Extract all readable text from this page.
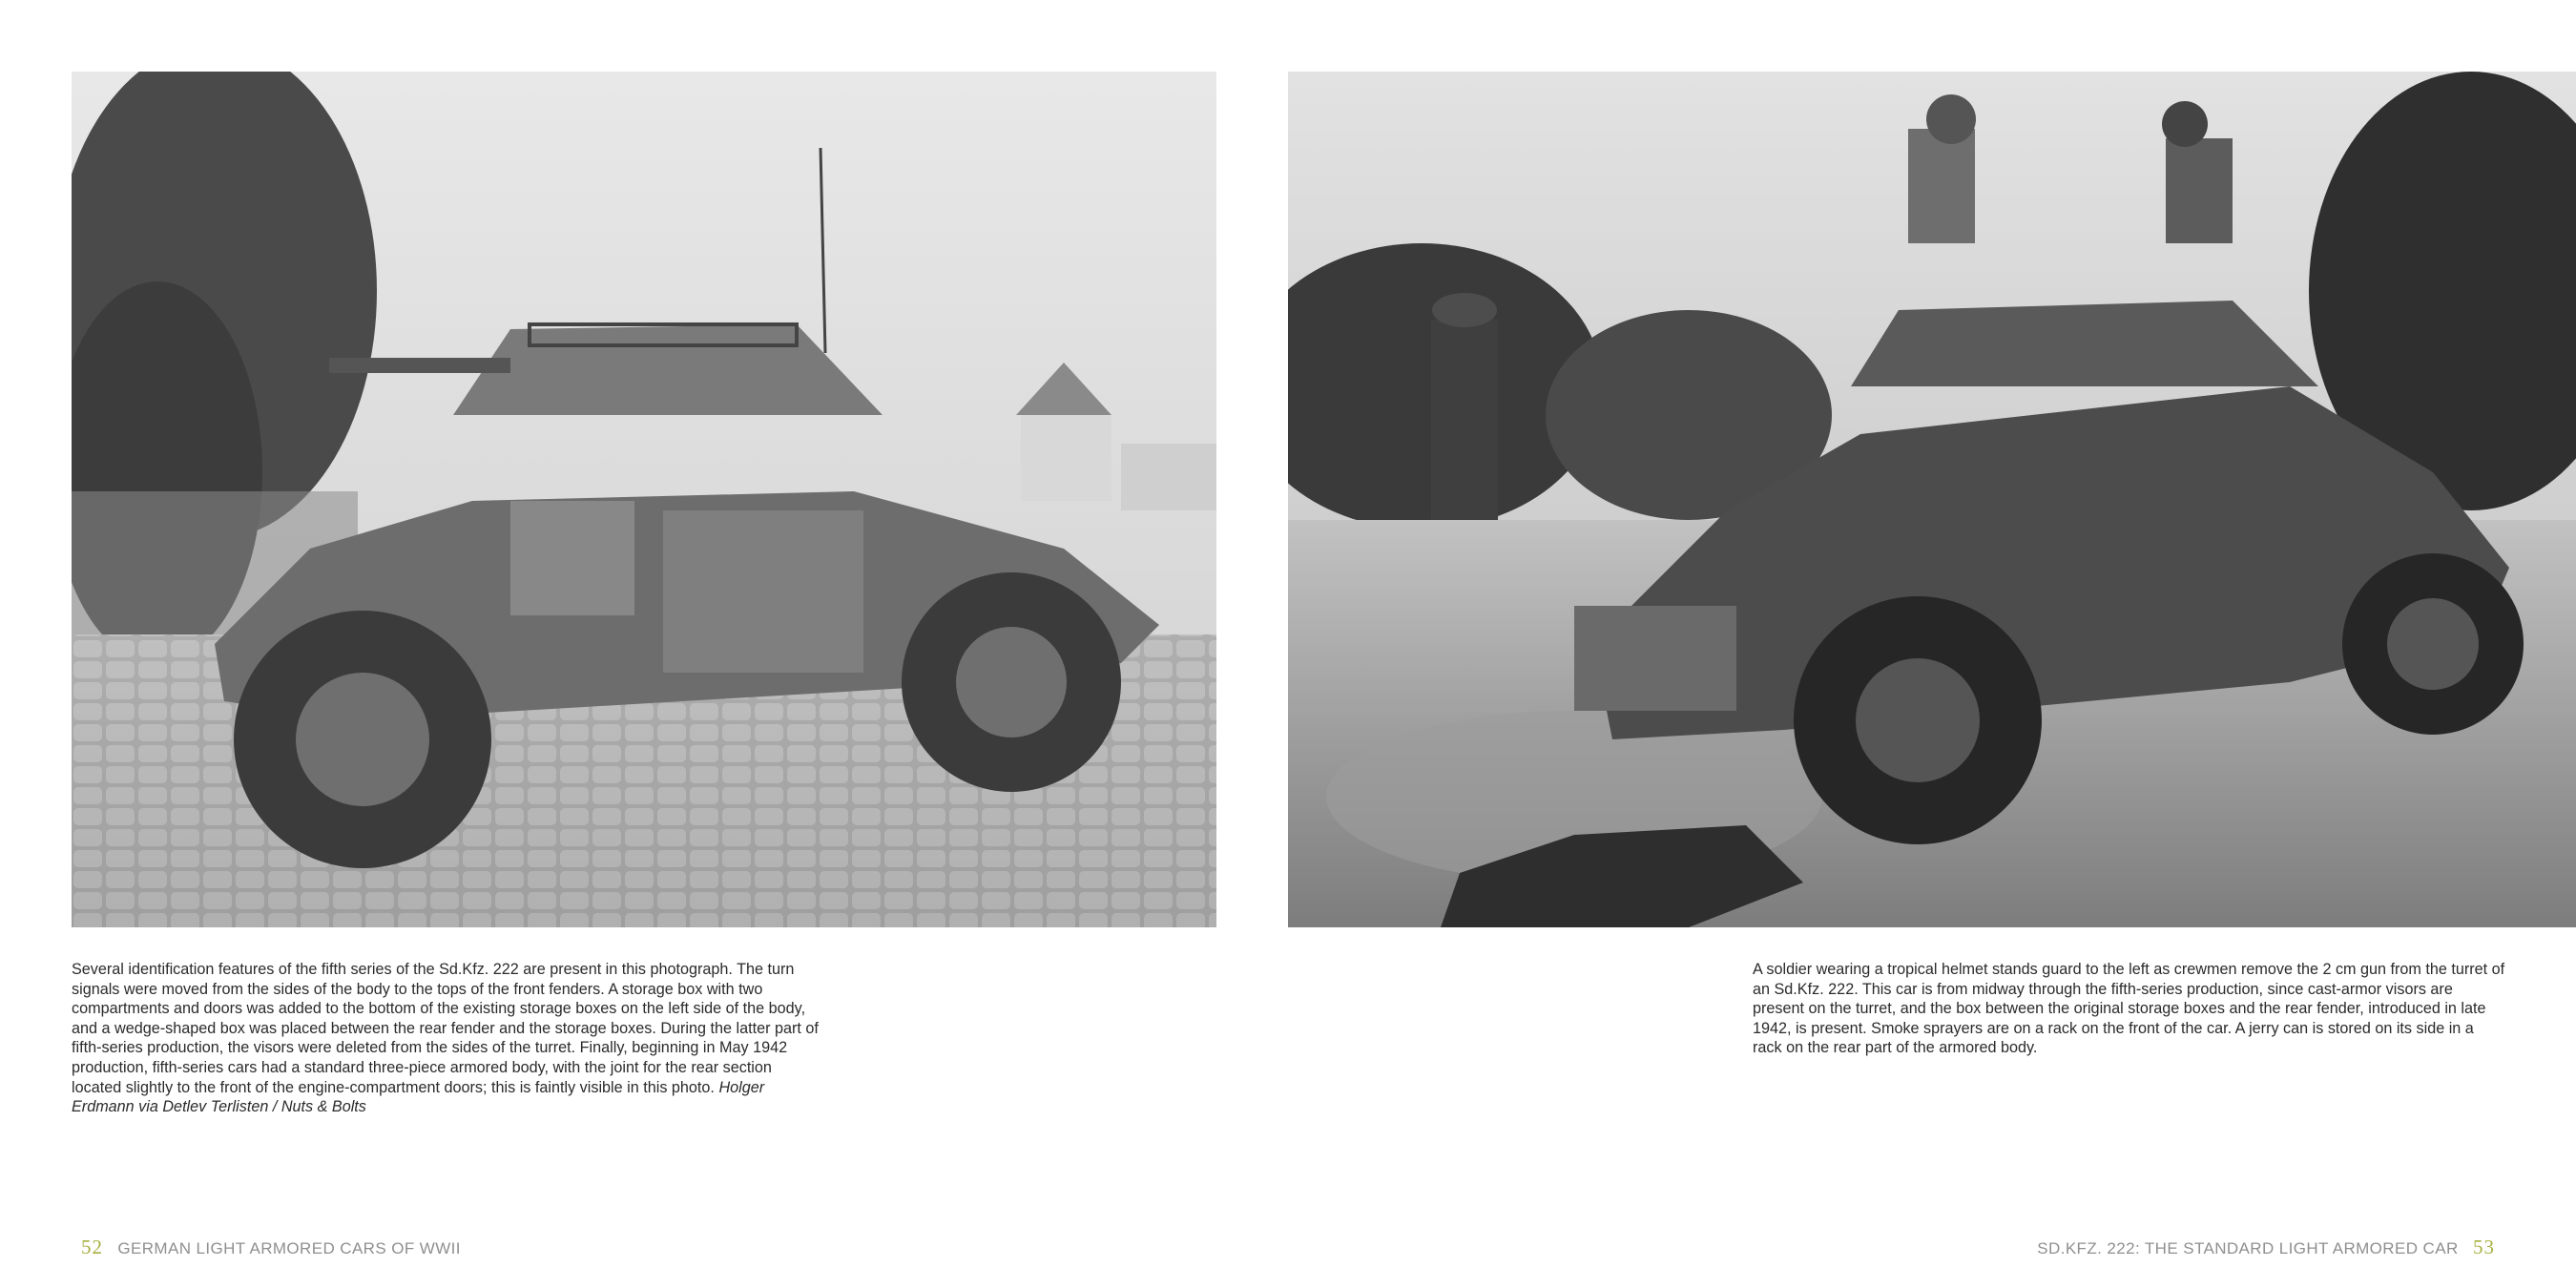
Several identification features of the fifth series of the Sd.Kfz. 222 are present in this photograph. The turn signals were moved from the sides of the body to the tops of the front fenders. A storage box with two compartments and doors was added to the bottom of the existing storage boxes on the left side of the body, and a wedge-shaped box was placed between the rear fender and the storage boxes. During the latter part of fifth-series production, the visors were deleted from the sides of the turret. Finally, beginning in May 1942 production, fifth-series cars had a standard three-piece armored body, with the joint for the rear section located slightly to the front of the engine-compartment doors; this is faintly visible in this photo. Holger Erdmann via Detlev Terlisten / Nuts & Bolts
52 GERMAN LIGHT ARMORED CARS OF WWII
A soldier wearing a tropical helmet stands guard to the left as crewmen remove the 2 cm gun from the turret of an Sd.Kfz. 222. This car is from midway through the fifth-series production, since cast-armor visors are present on the turret, and the box between the original storage boxes and the rear fender, introduced in late 1942, is present. Smoke sprayers are on a rack on the front of the car. A jerry can is stored on its side in a rack on the rear part of the armored body.
SD.KFZ. 222: THE STANDARD LIGHT ARMORED CAR 53
